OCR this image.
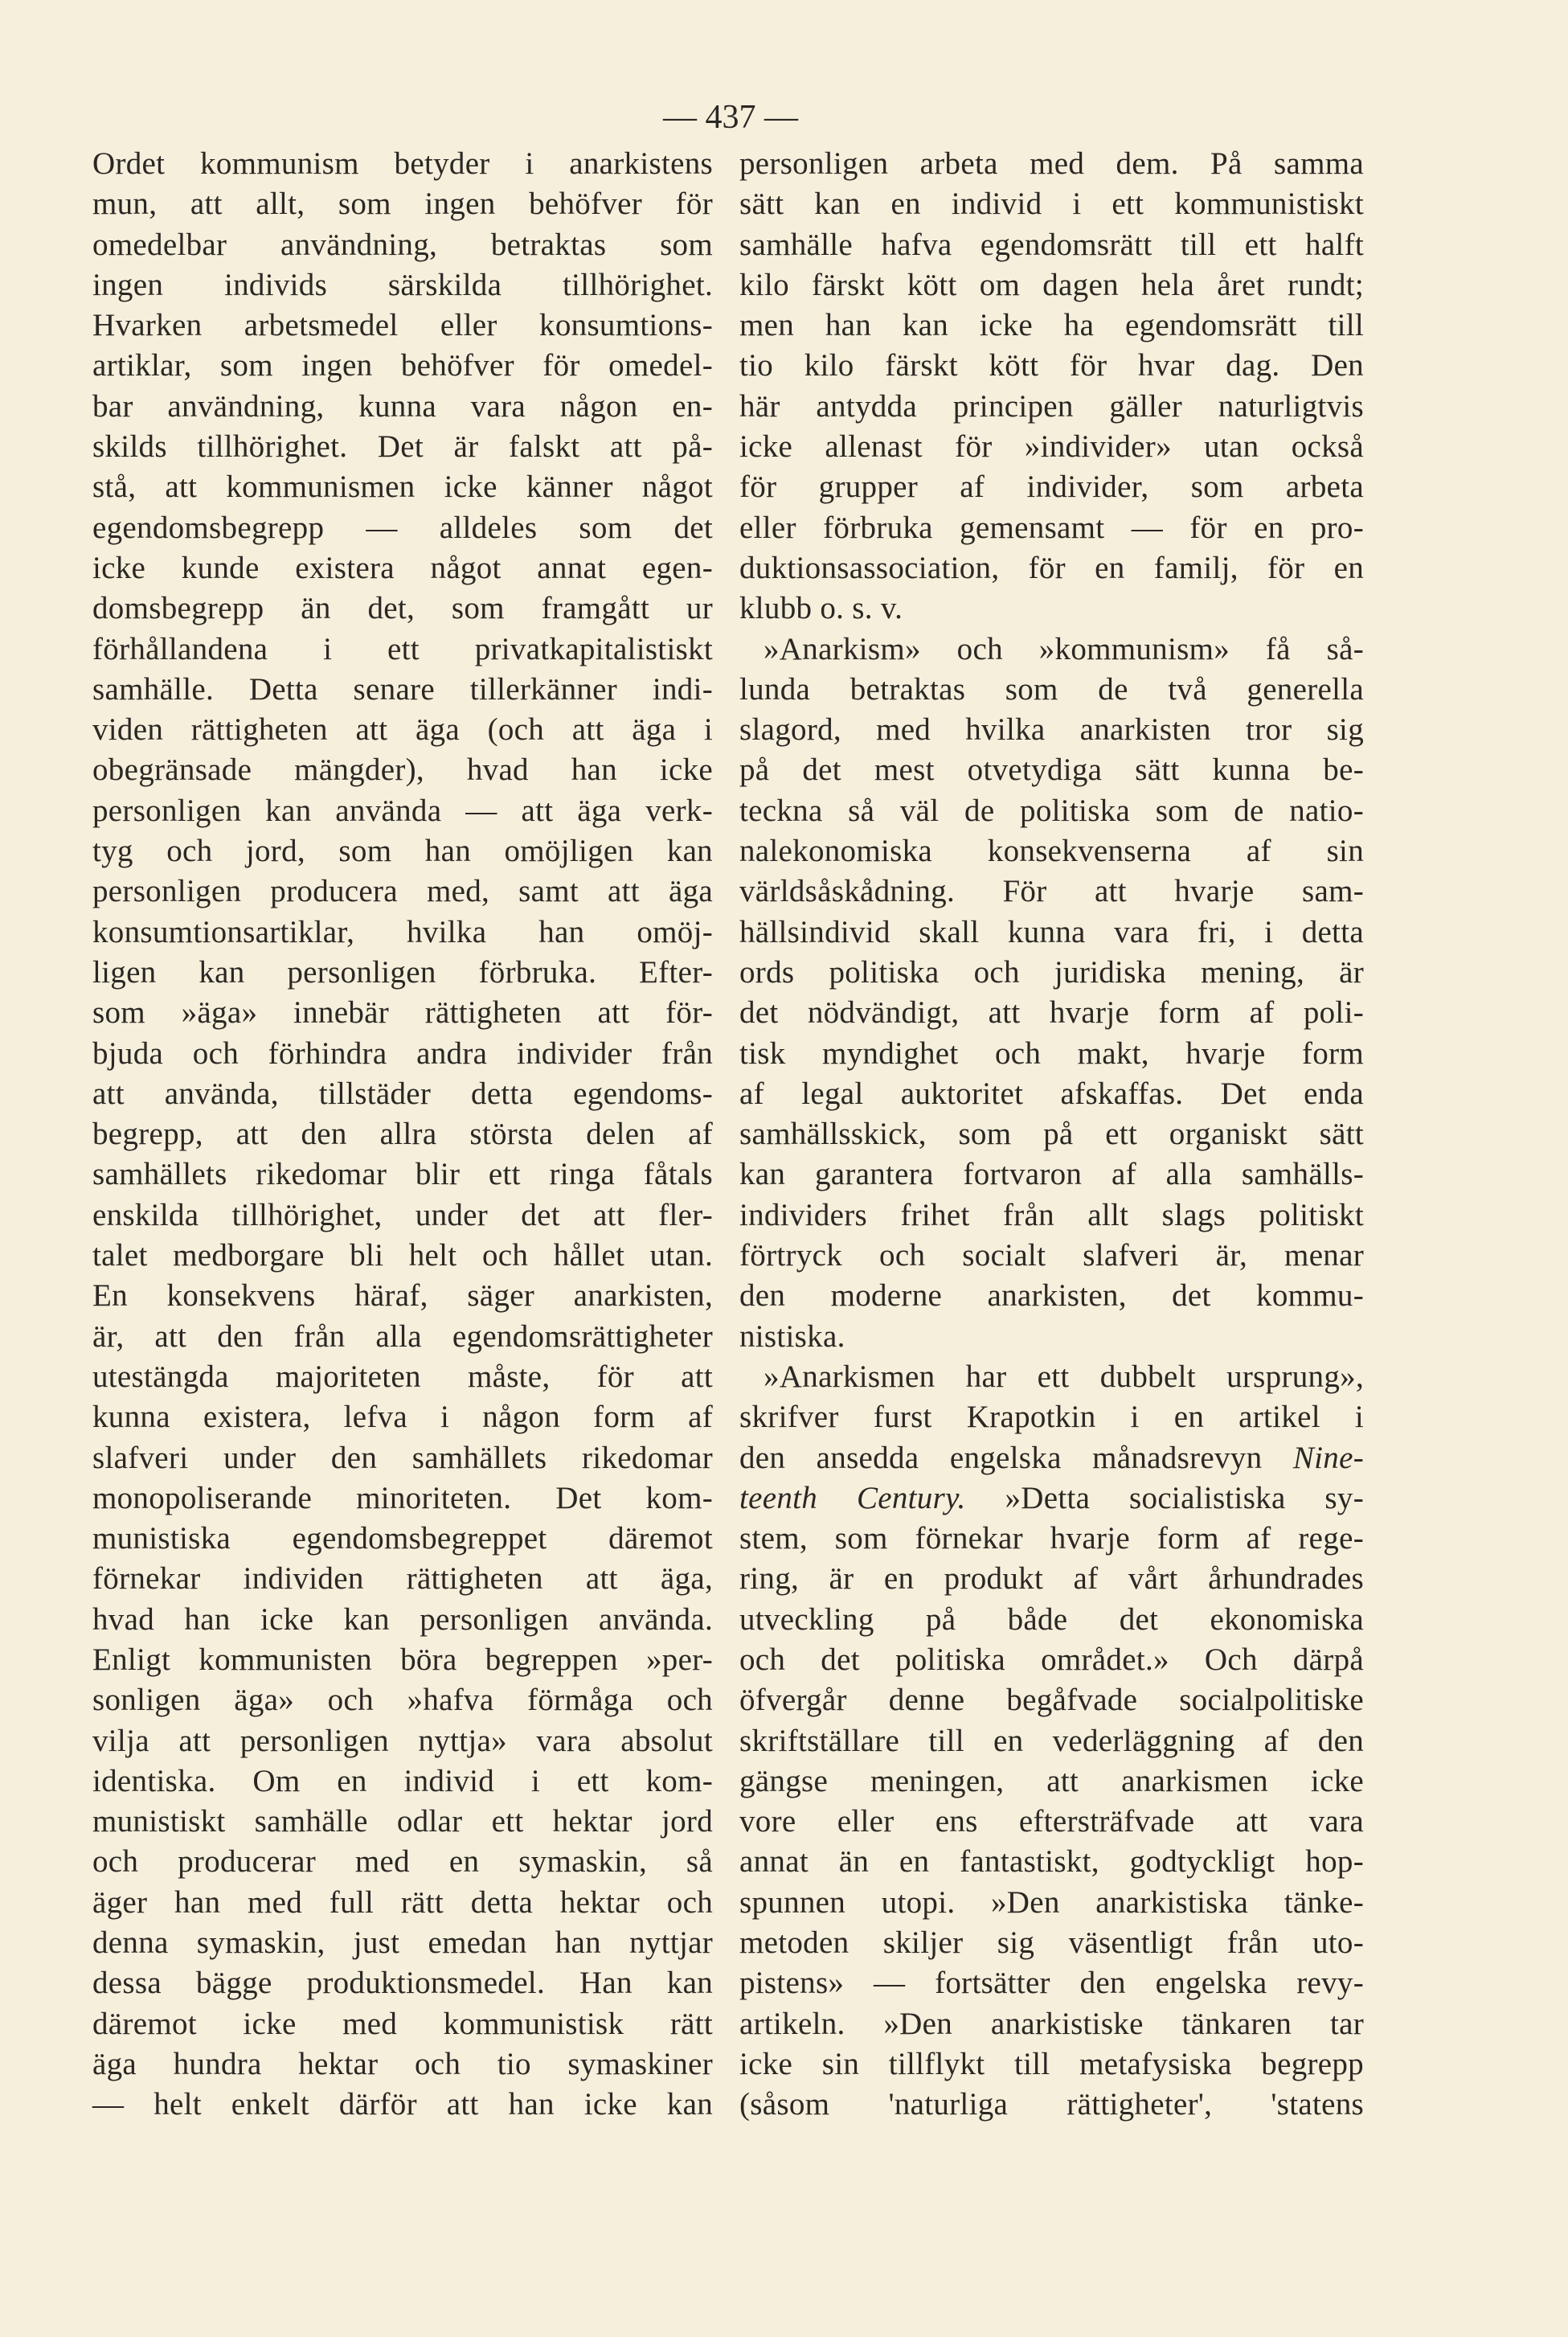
— 437 —
Ordet kommunism betyder i anarkistens
mun, att allt, som ingen behöfver för
omedelbar användning, betraktas som
ingen individs särskilda tillhörighet.
Hvarken arbetsmedel eller konsumtions-
artiklar, som ingen behöfver för omedel-
bar användning, kunna vara någon en-
skilds tillhörighet. Det är falskt att på-
stå, att kommunismen icke känner något
egendomsbegrepp — alldeles som det
icke kunde existera något annat egen-
domsbegrepp än det, som framgått ur
förhållandena i ett privatkapitalistiskt
samhälle. Detta senare tillerkänner indi-
viden rättigheten att äga (och att äga i
obegränsade mängder), hvad han icke
personligen kan använda — att äga verk-
tyg och jord, som han omöjligen kan
personligen producera med, samt att äga
konsumtionsartiklar, hvilka han omöj-
ligen kan personligen förbruka. Efter-
som »äga» innebär rättigheten att för-
bjuda och förhindra andra individer från
att använda, tillstäder detta egendoms-
begrepp, att den allra största delen af
samhällets rikedomar blir ett ringa fåtals
enskilda tillhörighet, under det att fler-
talet medborgare bli helt och hållet utan.
En konsekvens häraf, säger anarkisten,
är, att den från alla egendomsrättigheter
utestängda majoriteten måste, för att
kunna existera, lefva i någon form af
slafveri under den samhällets rikedomar
monopoliserande minoriteten. Det kom-
munistiska egendomsbegreppet däremot
förnekar individen rättigheten att äga,
hvad han icke kan personligen använda.
Enligt kommunisten böra begreppen »per-
sonligen äga» och »hafva förmåga och
vilja att personligen nyttja» vara absolut
identiska. Om en individ i ett kom-
munistiskt samhälle odlar ett hektar jord
och producerar med en symaskin, så
äger han med full rätt detta hektar och
denna symaskin, just emedan han nyttjar
dessa bägge produktionsmedel. Han kan
däremot icke med kommunistisk rätt
äga hundra hektar och tio symaskiner
— helt enkelt därför att han icke kan
personligen arbeta med dem. På samma
sätt kan en individ i ett kommunistiskt
samhälle hafva egendomsrätt till ett halft
kilo färskt kött om dagen hela året rundt;
men han kan icke ha egendomsrätt till
tio kilo färskt kött för hvar dag. Den
här antydda principen gäller naturligtvis
icke allenast för »individer» utan också
för grupper af individer, som arbeta
eller förbruka gemensamt — för en pro-
duktionsassociation, för en familj, för en
klubb o. s. v.
»Anarkism» och »kommunism» få så-
lunda betraktas som de två generella
slagord, med hvilka anarkisten tror sig
på det mest otvetydiga sätt kunna be-
teckna så väl de politiska som de natio-
nalekonomiska konsekvenserna af sin
världsåskådning. För att hvarje sam-
hällsindivid skall kunna vara fri, i detta
ords politiska och juridiska mening, är
det nödvändigt, att hvarje form af poli-
tisk myndighet och makt, hvarje form
af legal auktoritet afskaffas. Det enda
samhällsskick, som på ett organiskt sätt
kan garantera fortvaron af alla samhälls-
individers frihet från allt slags politiskt
förtryck och socialt slafveri är, menar
den moderne anarkisten, det kommu-
nistiska.
»Anarkismen har ett dubbelt ursprung»,
skrifver furst Krapotkin i en artikel i
den ansedda engelska månadsrevyn Nine-
teenth Century. »Detta socialistiska sy-
stem, som förnekar hvarje form af rege-
ring, är en produkt af vårt århundrades
utveckling på både det ekonomiska
och det politiska området.» Och därpå
öfvergår denne begåfvade socialpolitiske
skriftställare till en vederläggning af den
gängse meningen, att anarkismen icke
vore eller ens eftersträfvade att vara
annat än en fantastiskt, godtyckligt hop-
spunnen utopi. »Den anarkistiska tänke-
metoden skiljer sig väsentligt från uto-
pistens» — fortsätter den engelska revy-
artikeln. »Den anarkistiske tänkaren tar
icke sin tillflykt till metafysiska begrepp
(såsom 'naturliga rättigheter', 'statens
